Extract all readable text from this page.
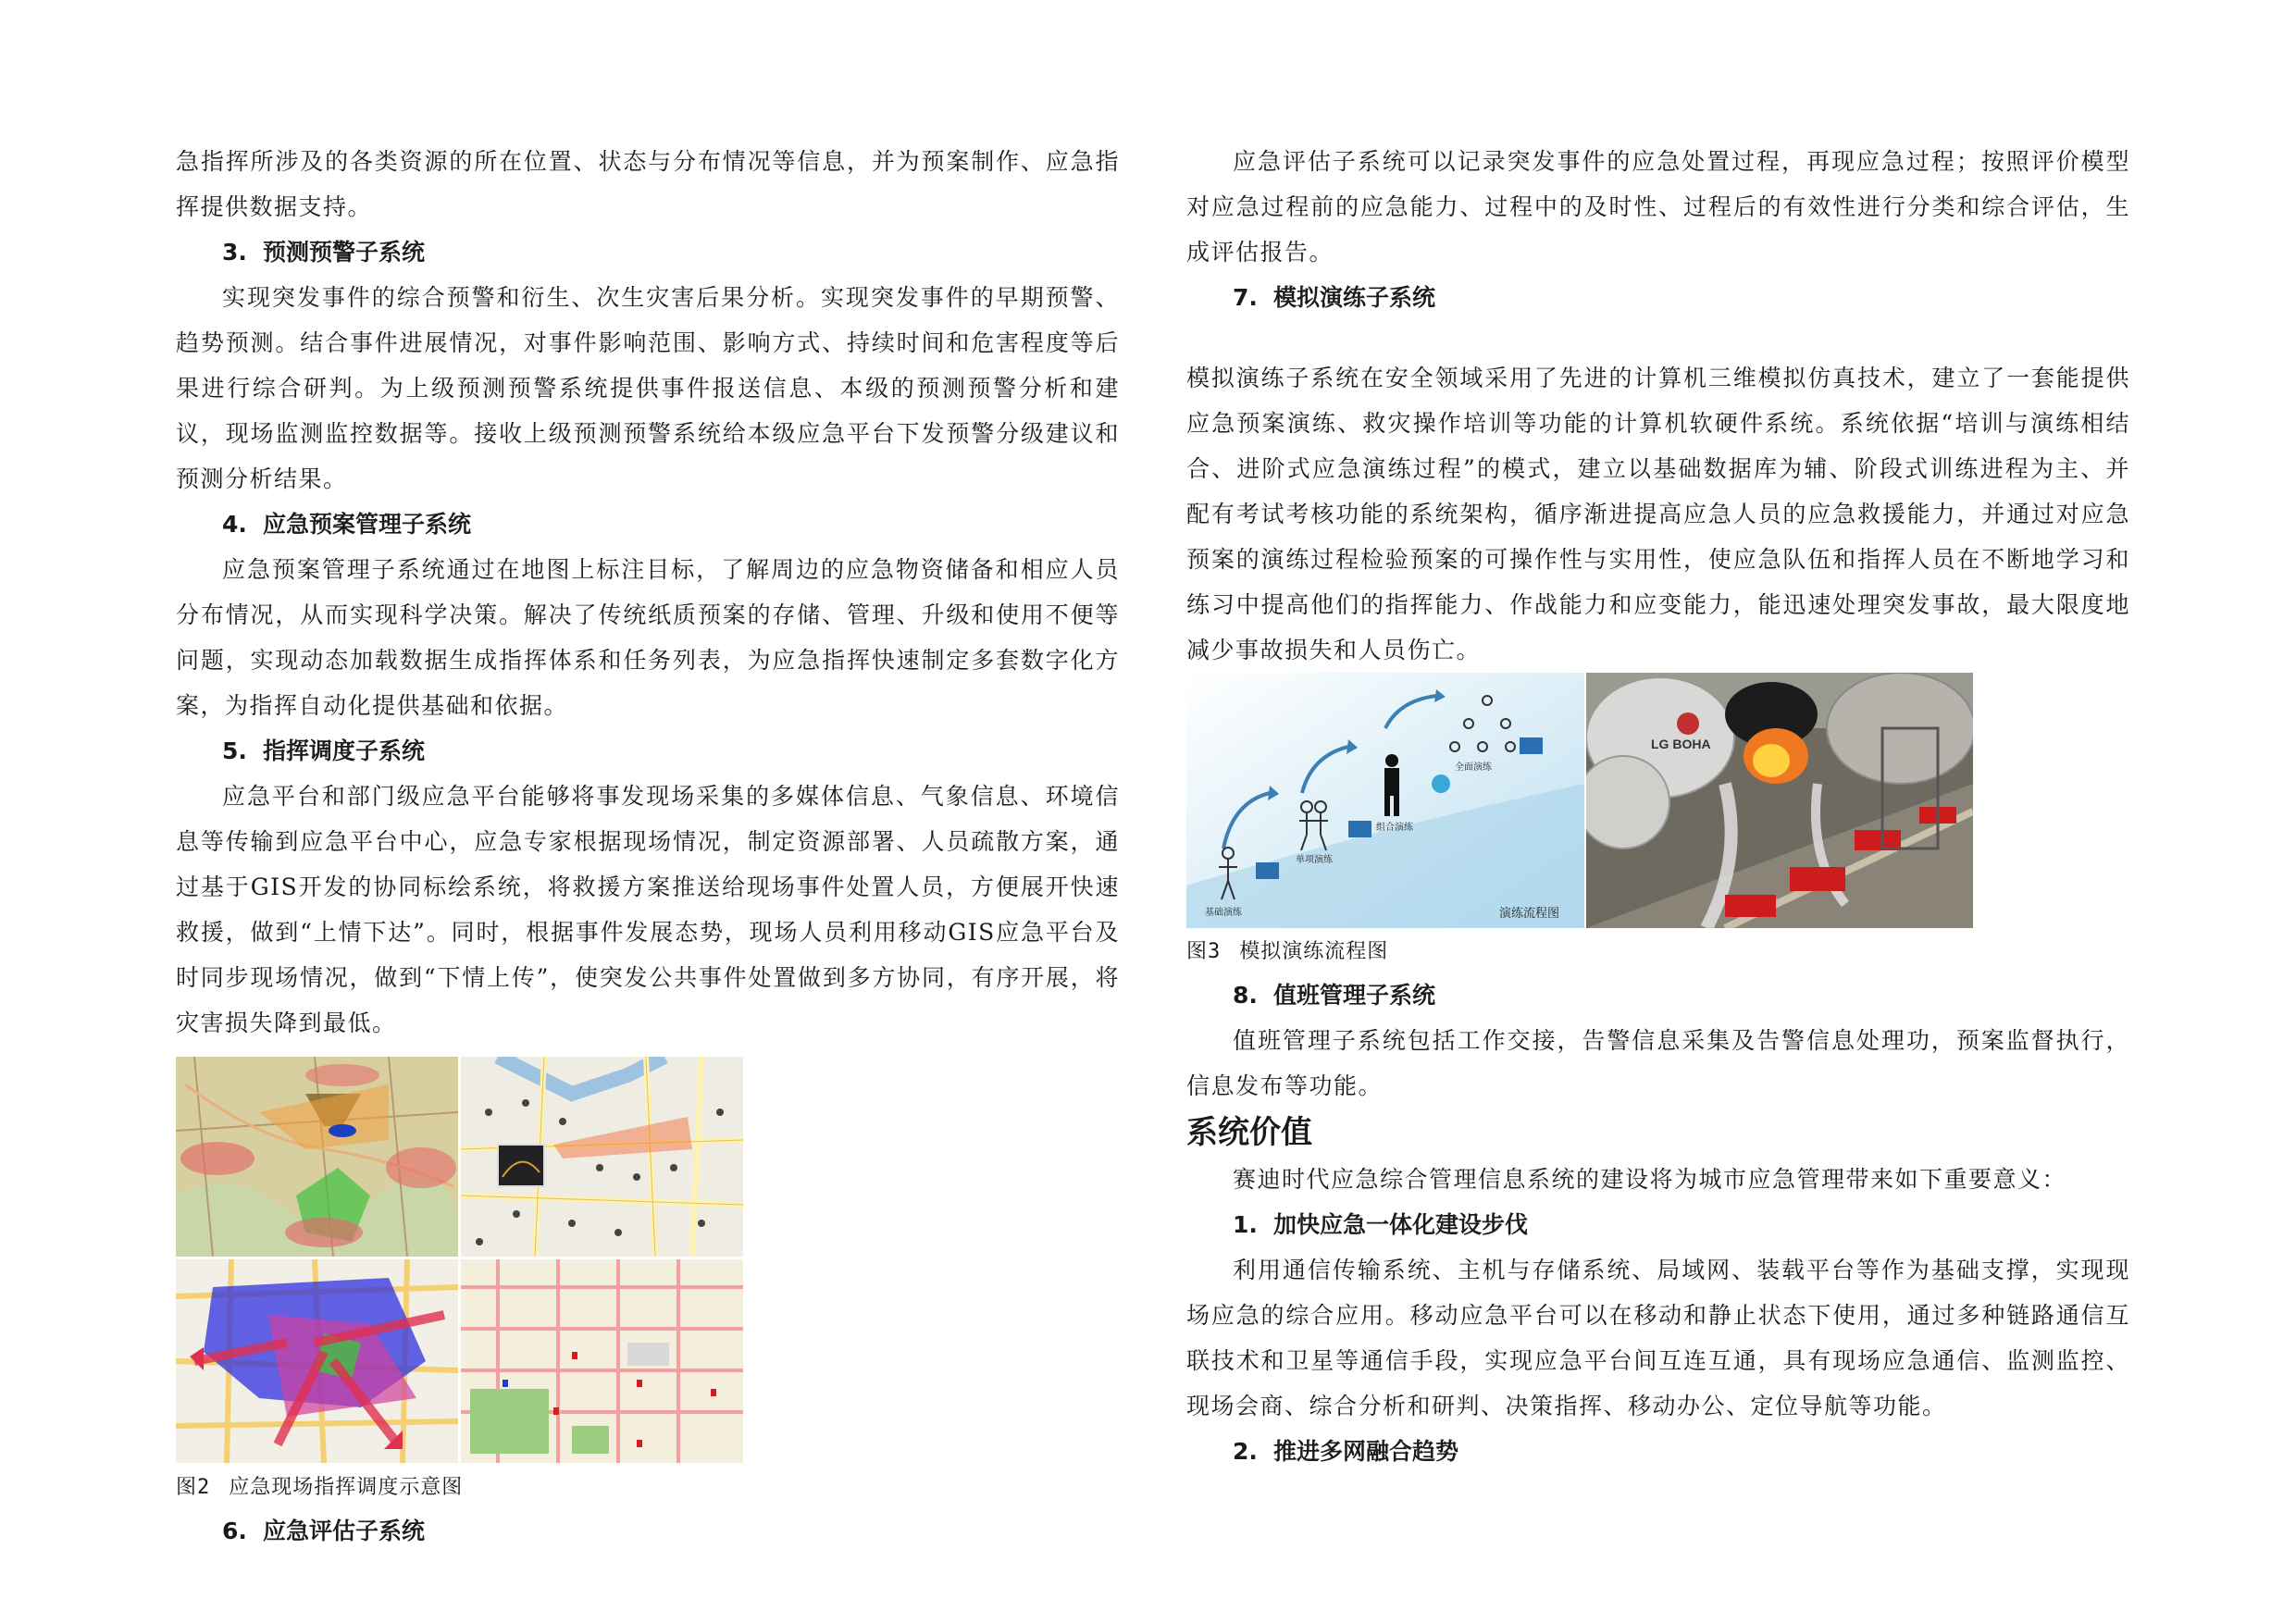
急指挥所涉及的各类资源的所在位置、状态与分布情况等信息，并为预案制作、应急指挥提供数据支持。

3. 预测预警子系统

实现突发事件的综合预警和衍生、次生灾害后果分析。实现突发事件的早期预警、趋势预测。结合事件进展情况，对事件影响范围、影响方式、持续时间和危害程度等后果进行综合研判。为上级预测预警系统提供事件报送信息、本级的预测预警分析和建议，现场监测监控数据等。接收上级预测预警系统给本级应急平台下发预警分级建议和预测分析结果。

4. 应急预案管理子系统

应急预案管理子系统通过在地图上标注目标，了解周边的应急物资储备和相应人员分布情况，从而实现科学决策。解决了传统纸质预案的存储、管理、升级和使用不便等问题，实现动态加载数据生成指挥体系和任务列表，为应急指挥快速制定多套数字化方案，为指挥自动化提供基础和依据。

5. 指挥调度子系统

应急平台和部门级应急平台能够将事发现场采集的多媒体信息、气象信息、环境信息等传输到应急平台中心，应急专家根据现场情况，制定资源部署、人员疏散方案，通过基于GIS开发的协同标绘系统，将救援方案推送给现场事件处置人员，方便展开快速救援，做到“上情下达”。同时，根据事件发展态势，现场人员利用移动GIS应急平台及时同步现场情况，做到“下情上传”，使突发公共事件处置做到多方协同，有序开展，将灾害损失降到最低。

图2 应急现场指挥调度示意图

6. 应急评估子系统

应急评估子系统可以记录突发事件的应急处置过程，再现应急过程；按照评价模型对应急过程前的应急能力、过程中的及时性、过程后的有效性进行分类和综合评估，生成评估报告。

7. 模拟演练子系统

模拟演练子系统在安全领域采用了先进的计算机三维模拟仿真技术，建立了一套能提供应急预案演练、救灾操作培训等功能的计算机软硬件系统。系统依据“培训与演练相结合、进阶式应急演练过程”的模式，建立以基础数据库为辅、阶段式训练进程为主、并配有考试考核功能的系统架构，循序渐进提高应急人员的应急救援能力，并通过对应急预案的演练过程检验预案的可操作性与实用性，使应急队伍和指挥人员在不断地学习和练习中提高他们的指挥能力、作战能力和应变能力，能迅速处理突发事故，最大限度地减少事故损失和人员伤亡。

基础演练
单项演练
组合演练
全面演练
演练流程图
LG BOHA

图3 模拟演练流程图

8. 值班管理子系统

值班管理子系统包括工作交接，告警信息采集及告警信息处理功，预案监督执行，信息发布等功能。

系统价值

赛迪时代应急综合管理信息系统的建设将为城市应急管理带来如下重要意义：

1. 加快应急一体化建设步伐

利用通信传输系统、主机与存储系统、局域网、装载平台等作为基础支撑，实现现场应急的综合应用。移动应急平台可以在移动和静止状态下使用，通过多种链路通信互联技术和卫星等通信手段，实现应急平台间互连互通，具有现场应急通信、监测监控、现场会商、综合分析和研判、决策指挥、移动办公、定位导航等功能。

2. 推进多网融合趋势
